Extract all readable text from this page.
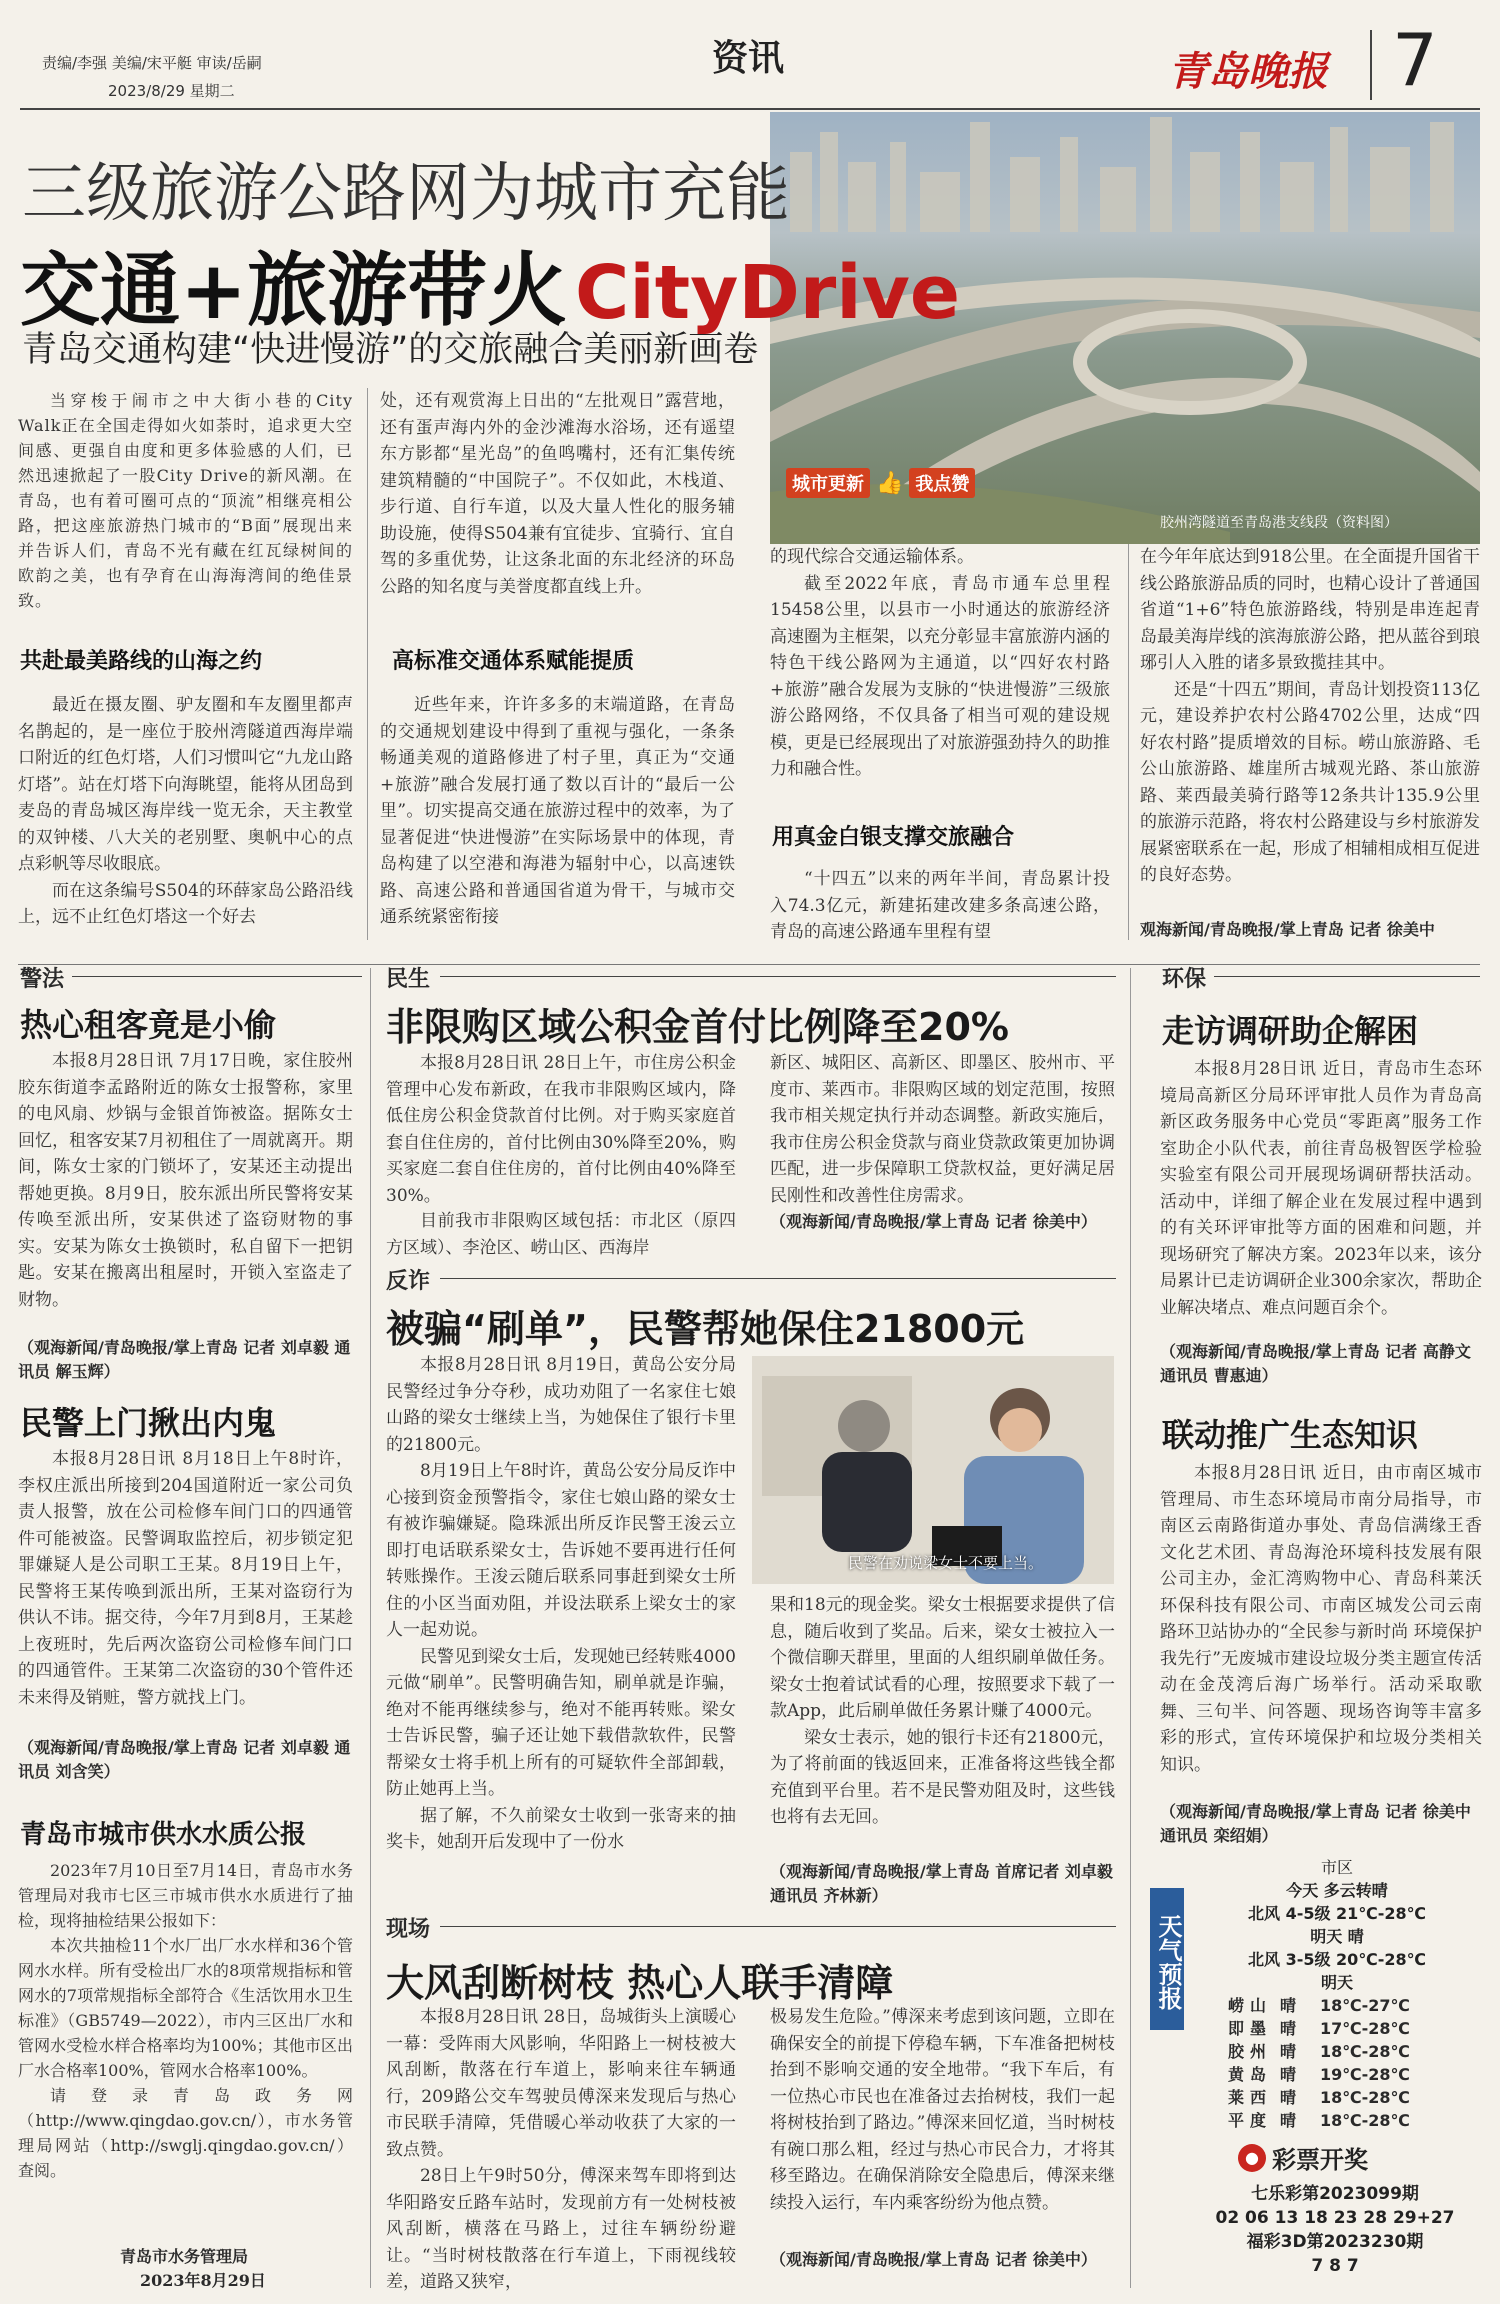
责编/李强 美编/宋平艇 审读/岳嗣
2023/8/29 星期二
资讯	青岛晚报 7
城市更新 👍 我点赞
胶州湾隧道至青岛港支线段（资料图）
三级旅游公路网为城市充能
交通+旅游带火 CityDrive
青岛交通构建“快进慢游”的交旅融合美丽新画卷

当穿梭于闹市之中大街小巷的City Walk正在全国走得如火如荼时，追求更大空间感、更强自由度和更多体验感的人们，已然迅速掀起了一股City Drive的新风潮。在青岛，也有着可圈可点的“顶流”相继亮相公路，把这座旅游热门城市的“B面”展现出来并告诉人们，青岛不光有藏在红瓦绿树间的欧韵之美，也有孕育在山海海湾间的绝佳景致。

共赴最美路线的山海之约

最近在摄友圈、驴友圈和车友圈里都声名鹊起的，是一座位于胶州湾隧道西海岸端口附近的红色灯塔，人们习惯叫它“九龙山路灯塔”。站在灯塔下向海眺望，能将从团岛到麦岛的青岛城区海岸线一览无余，天主教堂的双钟楼、八大关的老别墅、奥帆中心的点点彩帆等尽收眼底。

而在这条编号S504的环薛家岛公路沿线上，远不止红色灯塔这一个好去

处，还有观赏海上日出的“左批观日”露营地，还有蛋声海内外的金沙滩海水浴场，还有遥望东方影都“星光岛”的鱼鸣嘴村，还有汇集传统建筑精髓的“中国院子”。不仅如此，木栈道、步行道、自行车道，以及大量人性化的服务辅助设施，使得S504兼有宜徒步、宜骑行、宜自驾的多重优势，让这条北面的东北经济的环岛公路的知名度与美誉度都直线上升。

高标准交通体系赋能提质

近些年来，许许多多的末端道路，在青岛的交通规划建设中得到了重视与强化，一条条畅通美观的道路修进了村子里，真正为“交通+旅游”融合发展打通了数以百计的“最后一公里”。切实提高交通在旅游过程中的效率，为了显著促进“快进慢游”在实际场景中的体现，青岛构建了以空港和海港为辐射中心，以高速铁路、高速公路和普通国省道为骨干，与城市交通系统紧密衔接

的现代综合交通运输体系。

截至2022年底，青岛市通车总里程15458公里，以县市一小时通达的旅游经济高速圈为主框架，以充分彰显丰富旅游内涵的特色干线公路网为主通道，以“四好农村路+旅游”融合发展为支脉的“快进慢游”三级旅游公路网络，不仅具备了相当可观的建设规模，更是已经展现出了对旅游强劲持久的助推力和融合性。

用真金白银支撑交旅融合

“十四五”以来的两年半间，青岛累计投入74.3亿元，新建拓建改建多条高速公路，青岛的高速公路通车里程有望

在今年年底达到918公里。在全面提升国省干线公路旅游品质的同时，也精心设计了普通国省道“1+6”特色旅游路线，特别是串连起青岛最美海岸线的滨海旅游公路，把从蓝谷到琅琊引人入胜的诸多景致揽挂其中。

还是“十四五”期间，青岛计划投资113亿元，建设养护农村公路4702公里，达成“四好农村路”提质增效的目标。崂山旅游路、毛公山旅游路、雄崖所古城观光路、茶山旅游路、莱西最美骑行路等12条共计135.9公里的旅游示范路，将农村公路建设与乡村旅游发展紧密联系在一起，形成了相辅相成相互促进的良好态势。

观海新闻/青岛晚报/掌上青岛 记者 徐美中
警法
热心租客竟是小偷

本报8月28日讯 7月17日晚，家住胶州胶东街道李孟路附近的陈女士报警称，家里的电风扇、炒锅与金银首饰被盗。据陈女士回忆，租客安某7月初租住了一周就离开。期间，陈女士家的门锁坏了，安某还主动提出帮她更换。8月9日，胶东派出所民警将安某传唤至派出所，安某供述了盗窃财物的事实。安某为陈女士换锁时，私自留下一把钥匙。安某在搬离出租屋时，开锁入室盗走了财物。

（观海新闻/青岛晚报/掌上青岛 记者 刘卓毅 通讯员 解玉辉）
民警上门揪出内鬼

本报8月28日讯 8月18日上午8时许，李权庄派出所接到204国道附近一家公司负责人报警，放在公司检修车间门口的四通管件可能被盗。民警调取监控后，初步锁定犯罪嫌疑人是公司职工王某。8月19日上午，民警将王某传唤到派出所，王某对盗窃行为供认不讳。据交待，今年7月到8月，王某趁上夜班时，先后两次盗窃公司检修车间门口的四通管件。王某第二次盗窃的30个管件还未来得及销赃，警方就找上门。

（观海新闻/青岛晚报/掌上青岛 记者 刘卓毅 通讯员 刘含笑）
青岛市城市供水水质公报

2023年7月10日至7月14日，青岛市水务管理局对我市七区三市城市供水水质进行了抽检，现将抽检结果公报如下：

本次共抽检11个水厂出厂水水样和36个管网水水样。所有受检出厂水的8项常规指标和管网水的7项常规指标全部符合《生活饮用水卫生标准》（GB5749—2022），市内三区出厂水和管网水受检水样合格率均为100%；其他市区出厂水合格率100%，管网水合格率100%。

请登录青岛政务网（http://www.qingdao.gov.cn/），市水务管理局网站（http://swglj.qingdao.gov.cn/）查阅。

青岛市水务管理局
2023年8月29日
民生
非限购区域公积金首付比例降至20%

本报8月28日讯 28日上午，市住房公积金管理中心发布新政，在我市非限购区域内，降低住房公积金贷款首付比例。对于购买家庭首套自住住房的，首付比例由30%降至20%，购买家庭二套自住住房的，首付比例由40%降至30%。

目前我市非限购区域包括：市北区（原四方区域）、李沧区、崂山区、西海岸

新区、城阳区、高新区、即墨区、胶州市、平度市、莱西市。非限购区域的划定范围，按照我市相关规定执行并动态调整。新政实施后，我市住房公积金贷款与商业贷款政策更加协调匹配，进一步保障职工贷款权益，更好满足居民刚性和改善性住房需求。

（观海新闻/青岛晚报/掌上青岛 记者 徐美中）
反诈
被骗“刷单”，民警帮她保住21800元

本报8月28日讯 8月19日，黄岛公安分局民警经过争分夺秒，成功劝阻了一名家住七娘山路的梁女士继续上当，为她保住了银行卡里的21800元。

8月19日上午8时许，黄岛公安分局反诈中心接到资金预警指令，家住七娘山路的梁女士有被诈骗嫌疑。隐珠派出所反诈民警王浚云立即打电话联系梁女士，告诉她不要再进行任何转账操作。王浚云随后联系同事赶到梁女士所住的小区当面劝阻，并设法联系上梁女士的家人一起劝说。

民警见到梁女士后，发现她已经转账4000元做“刷单”。民警明确告知，刷单就是诈骗，绝对不能再继续参与，绝对不能再转账。梁女士告诉民警，骗子还让她下载借款软件，民警帮梁女士将手机上所有的可疑软件全部卸载，防止她再上当。

据了解，不久前梁女士收到一张寄来的抽奖卡，她刮开后发现中了一份水

民警在劝说梁女士不要上当。

果和18元的现金奖。梁女士根据要求提供了信息，随后收到了奖品。后来，梁女士被拉入一个微信聊天群里，里面的人组织刷单做任务。梁女士抱着试试看的心理，按照要求下载了一款App，此后刷单做任务累计赚了4000元。

梁女士表示，她的银行卡还有21800元，为了将前面的钱返回来，正准备将这些钱全都充值到平台里。若不是民警劝阻及时，这些钱也将有去无回。

（观海新闻/青岛晚报/掌上青岛 首席记者 刘卓毅 通讯员 齐林新）
现场
大风刮断树枝 热心人联手清障

本报8月28日讯 28日，岛城街头上演暖心一幕：受阵雨大风影响，华阳路上一树枝被大风刮断，散落在行车道上，影响来往车辆通行，209路公交车驾驶员傅深来发现后与热心市民联手清障，凭借暖心举动收获了大家的一致点赞。

28日上午9时50分，傅深来驾车即将到达华阳路安丘路车站时，发现前方有一处树枝被风刮断，横落在马路上，过往车辆纷纷避让。“当时树枝散落在行车道上，下雨视线较差，道路又狭窄，

极易发生危险。”傅深来考虑到该问题，立即在确保安全的前提下停稳车辆，下车准备把树枝抬到不影响交通的安全地带。“我下车后，有一位热心市民也在准备过去抬树枝，我们一起将树枝抬到了路边。”傅深来回忆道，当时树枝有碗口那么粗，经过与热心市民合力，才将其移至路边。在确保消除安全隐患后，傅深来继续投入运行，车内乘客纷纷为他点赞。

（观海新闻/青岛晚报/掌上青岛 记者 徐美中）
环保
走访调研助企解困

本报8月28日讯 近日，青岛市生态环境局高新区分局环评审批人员作为青岛高新区政务服务中心党员“零距离”服务工作室助企小队代表，前往青岛极智医学检验实验室有限公司开展现场调研帮扶活动。活动中，详细了解企业在发展过程中遇到的有关环评审批等方面的困难和问题，并现场研究了解决方案。2023年以来，该分局累计已走访调研企业300余家次，帮助企业解决堵点、难点问题百余个。

（观海新闻/青岛晚报/掌上青岛 记者 高静文 通讯员 曹惠迪）
联动推广生态知识

本报8月28日讯 近日，由市南区城市管理局、市生态环境局市南分局指导，市南区云南路街道办事处、青岛信满缘王香文化艺术团、青岛海沧环境科技发展有限公司主办，金汇湾购物中心、青岛科莱沃环保科技有限公司、市南区城发公司云南路环卫站协办的“全民参与新时尚 环境保护我先行”无废城市建设垃圾分类主题宣传活动在金茂湾后海广场举行。活动采取歌舞、三句半、问答题、现场咨询等丰富多彩的形式，宣传环境保护和垃圾分类相关知识。

（观海新闻/青岛晚报/掌上青岛 记者 徐美中 通讯员 栾绍娟）
天气预报
市区
今天 多云转晴
北风 4-5级 21℃-28℃
明天 晴
北风 3-5级 20℃-28℃
明天
崂山 晴	18℃-27℃
即墨 晴	17℃-28℃
胶州 晴	18℃-28℃
黄岛 晴	19℃-28℃
莱西 晴	18℃-28℃
平度 晴	18℃-28℃
● 彩票开奖
七乐彩第2023099期
02 06 13 18 23 28 29+27
福彩3D第2023230期
7 8 7
